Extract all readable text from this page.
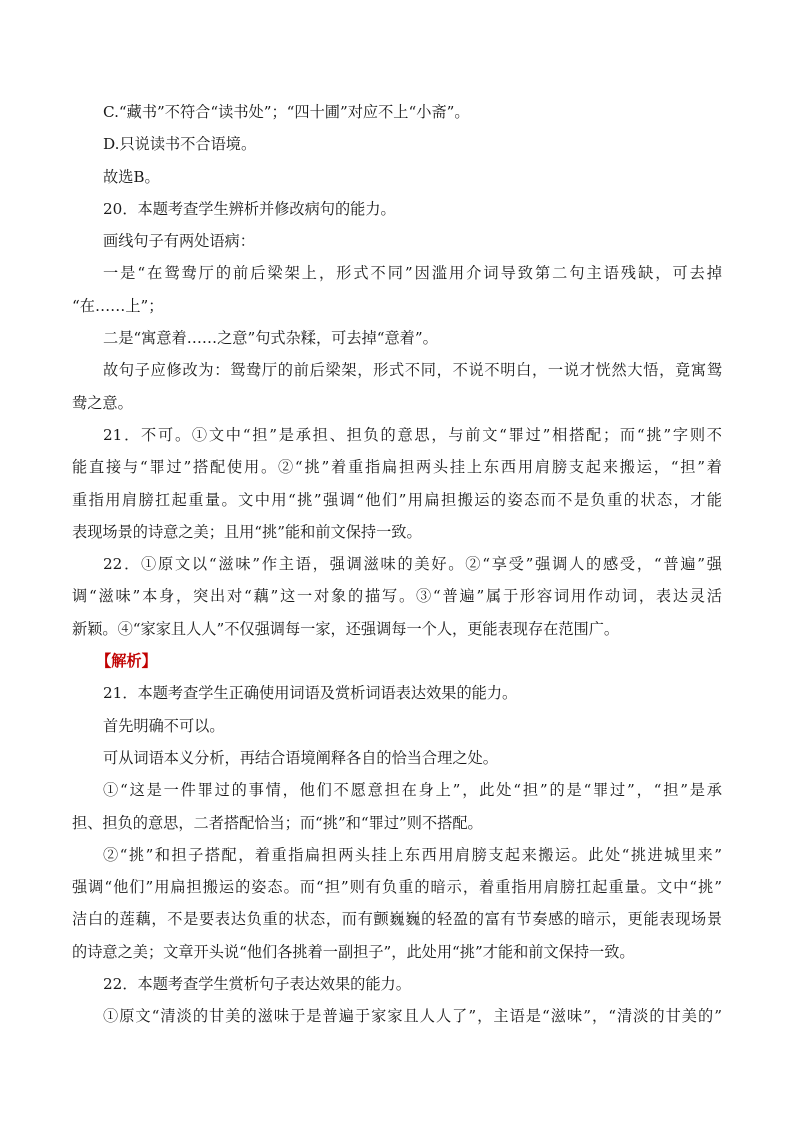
C.“藏书”不符合“读书处”；“四十圃”对应不上“小斋”。
D.只说读书不合语境。
故选B。
20．本题考查学生辨析并修改病句的能力。
画线句子有两处语病：
一是“在鸳鸯厅的前后梁架上，形式不同”因滥用介词导致第二句主语残缺，可去掉
“在……上”；
二是“寓意着……之意”句式杂糅，可去掉“意着”。
故句子应修改为：鸳鸯厅的前后梁架，形式不同，不说不明白，一说才恍然大悟，竟寓鸳
鸯之意。
21．不可。①文中“担”是承担、担负的意思，与前文“罪过”相搭配；而“挑”字则不
能直接与“罪过”搭配使用。②“挑”着重指扁担两头挂上东西用肩膀支起来搬运，“担”着
重指用肩膀扛起重量。文中用“挑”强调“他们”用扁担搬运的姿态而不是负重的状态，才能
表现场景的诗意之美；且用“挑”能和前文保持一致。
22．①原文以“滋味”作主语，强调滋味的美好。②“享受”强调人的感受，“普遍”强
调“滋味”本身，突出对“藕”这一对象的描写。③“普遍”属于形容词用作动词，表达灵活
新颖。④“家家且人人”不仅强调每一家，还强调每一个人，更能表现存在范围广。
【解析】
21．本题考查学生正确使用词语及赏析词语表达效果的能力。
首先明确不可以。
可从词语本义分析，再结合语境阐释各自的恰当合理之处。
①“这是一件罪过的事情，他们不愿意担在身上”，此处“担”的是“罪过”，“担”是承
担、担负的意思，二者搭配恰当；而“挑”和“罪过”则不搭配。
②“挑”和担子搭配，着重指扁担两头挂上东西用肩膀支起来搬运。此处“挑进城里来”
强调“他们”用扁担搬运的姿态。而“担”则有负重的暗示，着重指用肩膀扛起重量。文中“挑”
洁白的莲藕，不是要表达负重的状态，而有颤巍巍的轻盈的富有节奏感的暗示，更能表现场景
的诗意之美；文章开头说“他们各挑着一副担子”，此处用“挑”才能和前文保持一致。
22．本题考查学生赏析句子表达效果的能力。
①原文“清淡的甘美的滋味于是普遍于家家且人人了”，主语是“滋味”，“清淡的甘美的”
